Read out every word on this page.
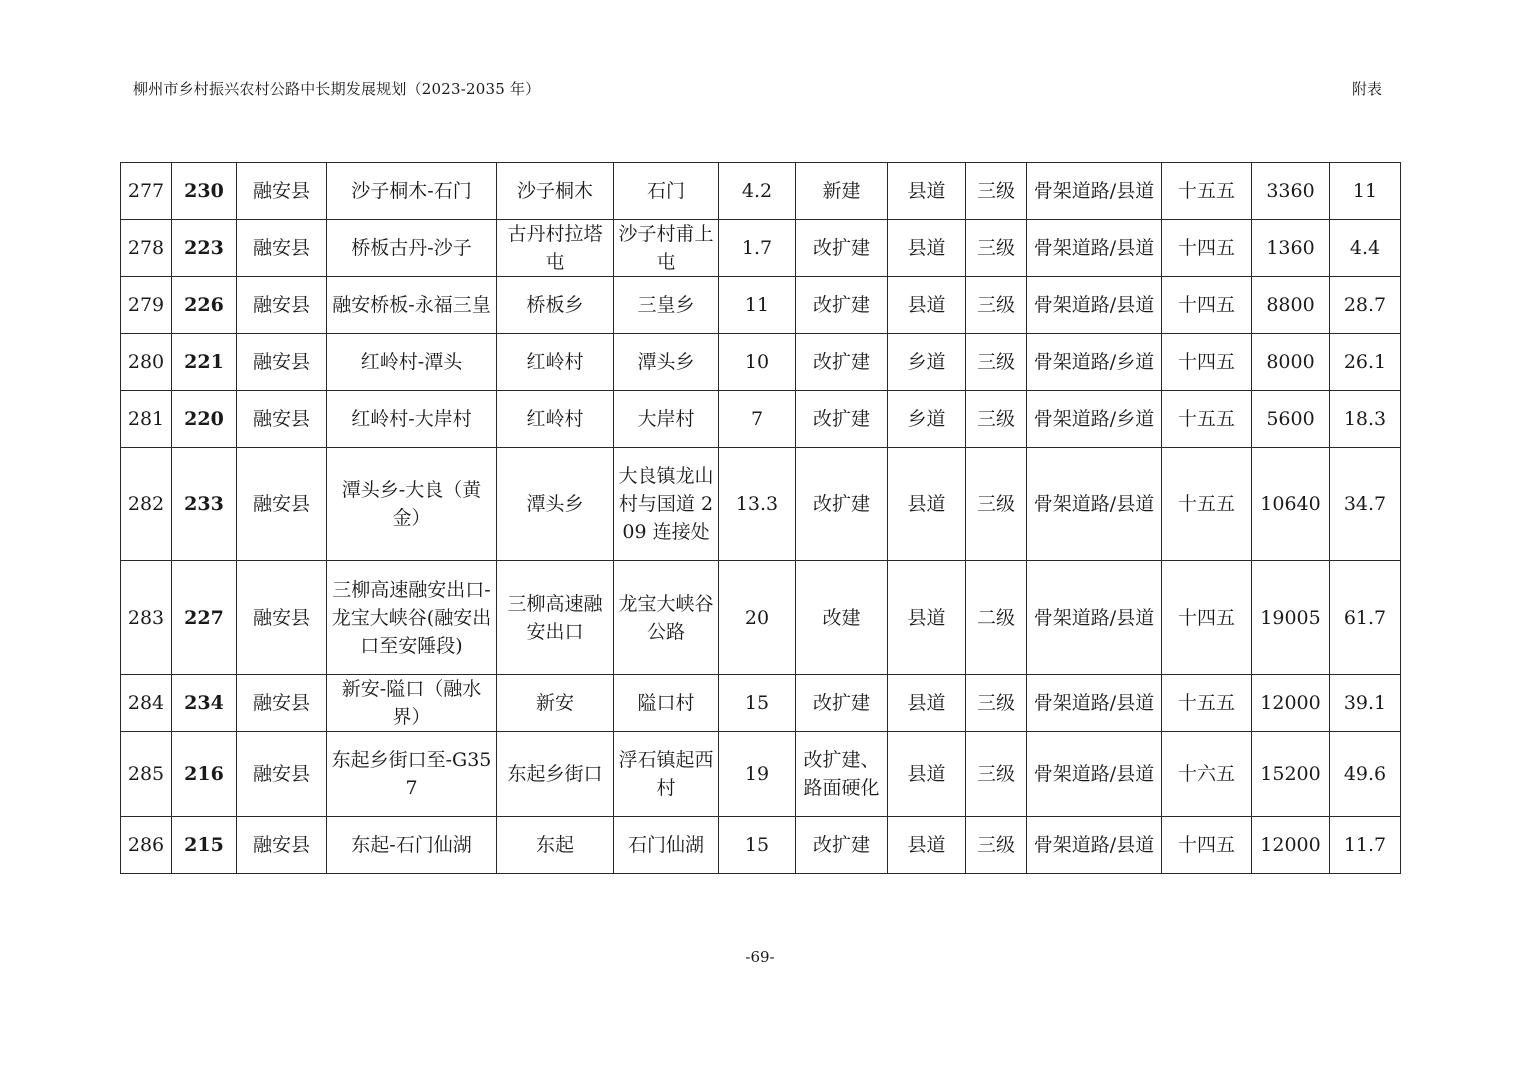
柳州市乡村振兴农村公路中长期发展规划（2023-2035 年）	附表
277	230	融安县	沙子桐木-石门	沙子桐木	石门	4.2	新建	县道	三级	骨架道路/县道	十五五	3360	11
278	223	融安县	桥板古丹-沙子	古丹村拉塔屯	沙子村甫上屯	1.7	改扩建	县道	三级	骨架道路/县道	十四五	1360	4.4
279	226	融安县	融安桥板-永福三皇	桥板乡	三皇乡	11	改扩建	县道	三级	骨架道路/县道	十四五	8800	28.7
280	221	融安县	红岭村-潭头	红岭村	潭头乡	10	改扩建	乡道	三级	骨架道路/乡道	十四五	8000	26.1
281	220	融安县	红岭村-大岸村	红岭村	大岸村	7	改扩建	乡道	三级	骨架道路/乡道	十五五	5600	18.3
282	233	融安县	潭头乡-大良（黄金）	潭头乡	大良镇龙山村与国道 209 连接处	13.3	改扩建	县道	三级	骨架道路/县道	十五五	10640	34.7
283	227	融安县	三柳高速融安出口-龙宝大峡谷(融安出口至安陲段)	三柳高速融安出口	龙宝大峡谷公路	20	改建	县道	二级	骨架道路/县道	十四五	19005	61.7
284	234	融安县	新安-隘口（融水界）	新安	隘口村	15	改扩建	县道	三级	骨架道路/县道	十五五	12000	39.1
285	216	融安县	东起乡街口至-G357	东起乡街口	浮石镇起西村	19	改扩建、路面硬化	县道	三级	骨架道路/县道	十六五	15200	49.6
286	215	融安县	东起-石门仙湖	东起	石门仙湖	15	改扩建	县道	三级	骨架道路/县道	十四五	12000	11.7
-69-
